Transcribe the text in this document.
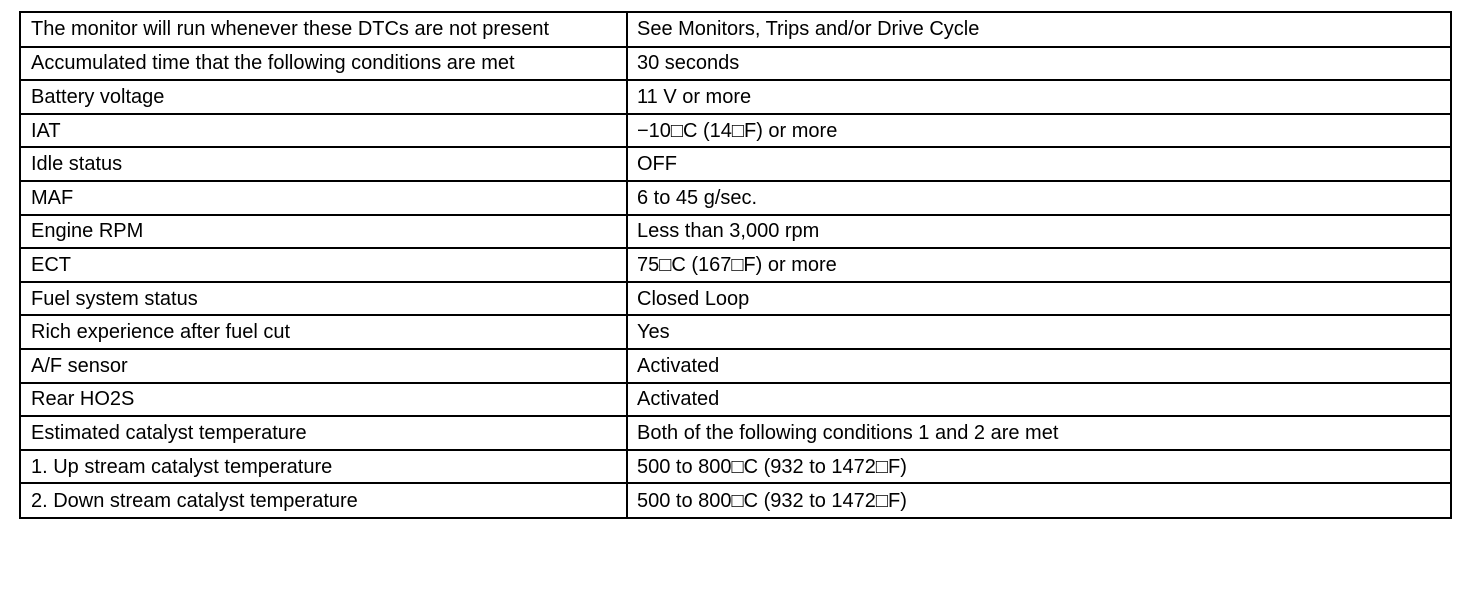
The monitor will run whenever these DTCs are not present	See Monitors, Trips and/or Drive Cycle
Accumulated time that the following conditions are met	30 seconds
Battery voltage	11 V or more
IAT	−10□C (14□F) or more
Idle status	OFF
MAF	6 to 45 g/sec.
Engine RPM	Less than 3,000 rpm
ECT	75□C (167□F) or more
Fuel system status	Closed Loop
Rich experience after fuel cut	Yes
A/F sensor	Activated
Rear HO2S	Activated
Estimated catalyst temperature	Both of the following conditions 1 and 2 are met
1. Up stream catalyst temperature	500 to 800□C (932 to 1472□F)
2. Down stream catalyst temperature	500 to 800□C (932 to 1472□F)
